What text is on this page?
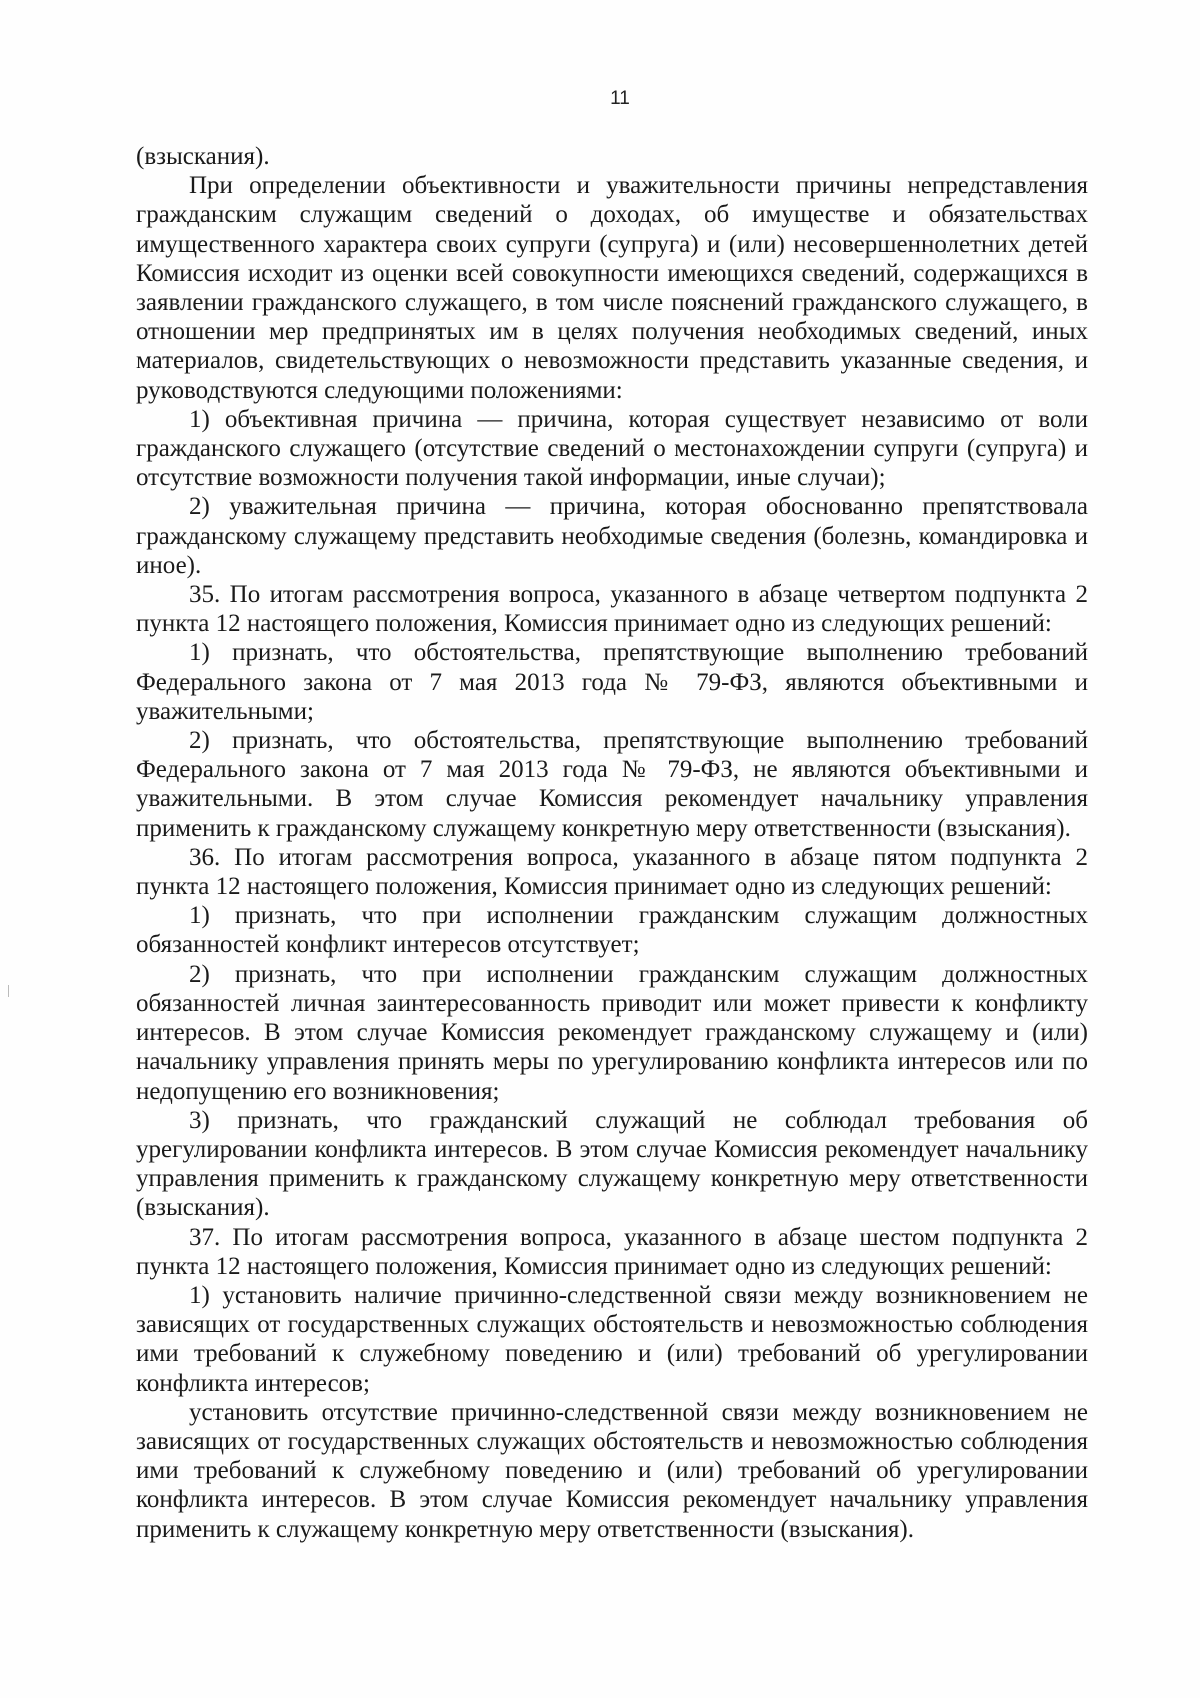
11

(взыскания).

При определении объективности и уважительности причины непредставления гражданским служащим сведений о доходах, об имуществе и обязательствах имущественного характера своих супруги (супруга) и (или) несовершеннолетних детей Комиссия исходит из оценки всей совокупности имеющихся сведений, содержащихся в заявлении гражданского служащего, в том числе пояснений гражданского служащего, в отношении мер предпринятых им в целях получения необходимых сведений, иных материалов, свидетельствующих о невозможности представить указанные сведения, и руководствуются следующими положениями:

1) объективная причина — причина, которая существует независимо от воли гражданского служащего (отсутствие сведений о местонахождении супруги (супруга) и отсутствие возможности получения такой информации, иные случаи);

2) уважительная причина — причина, которая обоснованно препятствовала гражданскому служащему представить необходимые сведения (болезнь, командировка и иное).

35. По итогам рассмотрения вопроса, указанного в абзаце четвертом подпункта 2 пункта 12 настоящего положения, Комиссия принимает одно из следующих решений:

1) признать, что обстоятельства, препятствующие выполнению требований Федерального закона от 7 мая 2013 года № 79-ФЗ, являются объективными и уважительными;

2) признать, что обстоятельства, препятствующие выполнению требований Федерального закона от 7 мая 2013 года № 79-ФЗ, не являются объективными и уважительными. В этом случае Комиссия рекомендует начальнику управления применить к гражданскому служащему конкретную меру ответственности (взыскания).

36. По итогам рассмотрения вопроса, указанного в абзаце пятом подпункта 2 пункта 12 настоящего положения, Комиссия принимает одно из следующих решений:

1) признать, что при исполнении гражданским служащим должностных обязанностей конфликт интересов отсутствует;

2) признать, что при исполнении гражданским служащим должностных обязанностей личная заинтересованность приводит или может привести к конфликту интересов. В этом случае Комиссия рекомендует гражданскому служащему и (или) начальнику управления принять меры по урегулированию конфликта интересов или по недопущению его возникновения;

3) признать, что гражданский служащий не соблюдал требования об урегулировании конфликта интересов. В этом случае Комиссия рекомендует начальнику управления применить к гражданскому служащему конкретную меру ответственности (взыскания).

37. По итогам рассмотрения вопроса, указанного в абзаце шестом подпункта 2 пункта 12 настоящего положения, Комиссия принимает одно из следующих решений:

1) установить наличие причинно-следственной связи между возникновением не зависящих от государственных служащих обстоятельств и невозможностью соблюдения ими требований к служебному поведению и (или) требований об урегулировании конфликта интересов;

установить отсутствие причинно-следственной связи между возникновением не зависящих от государственных служащих обстоятельств и невозможностью соблюдения ими требований к служебному поведению и (или) требований об урегулировании конфликта интересов. В этом случае Комиссия рекомендует начальнику управления применить к служащему конкретную меру ответственности (взыскания).
